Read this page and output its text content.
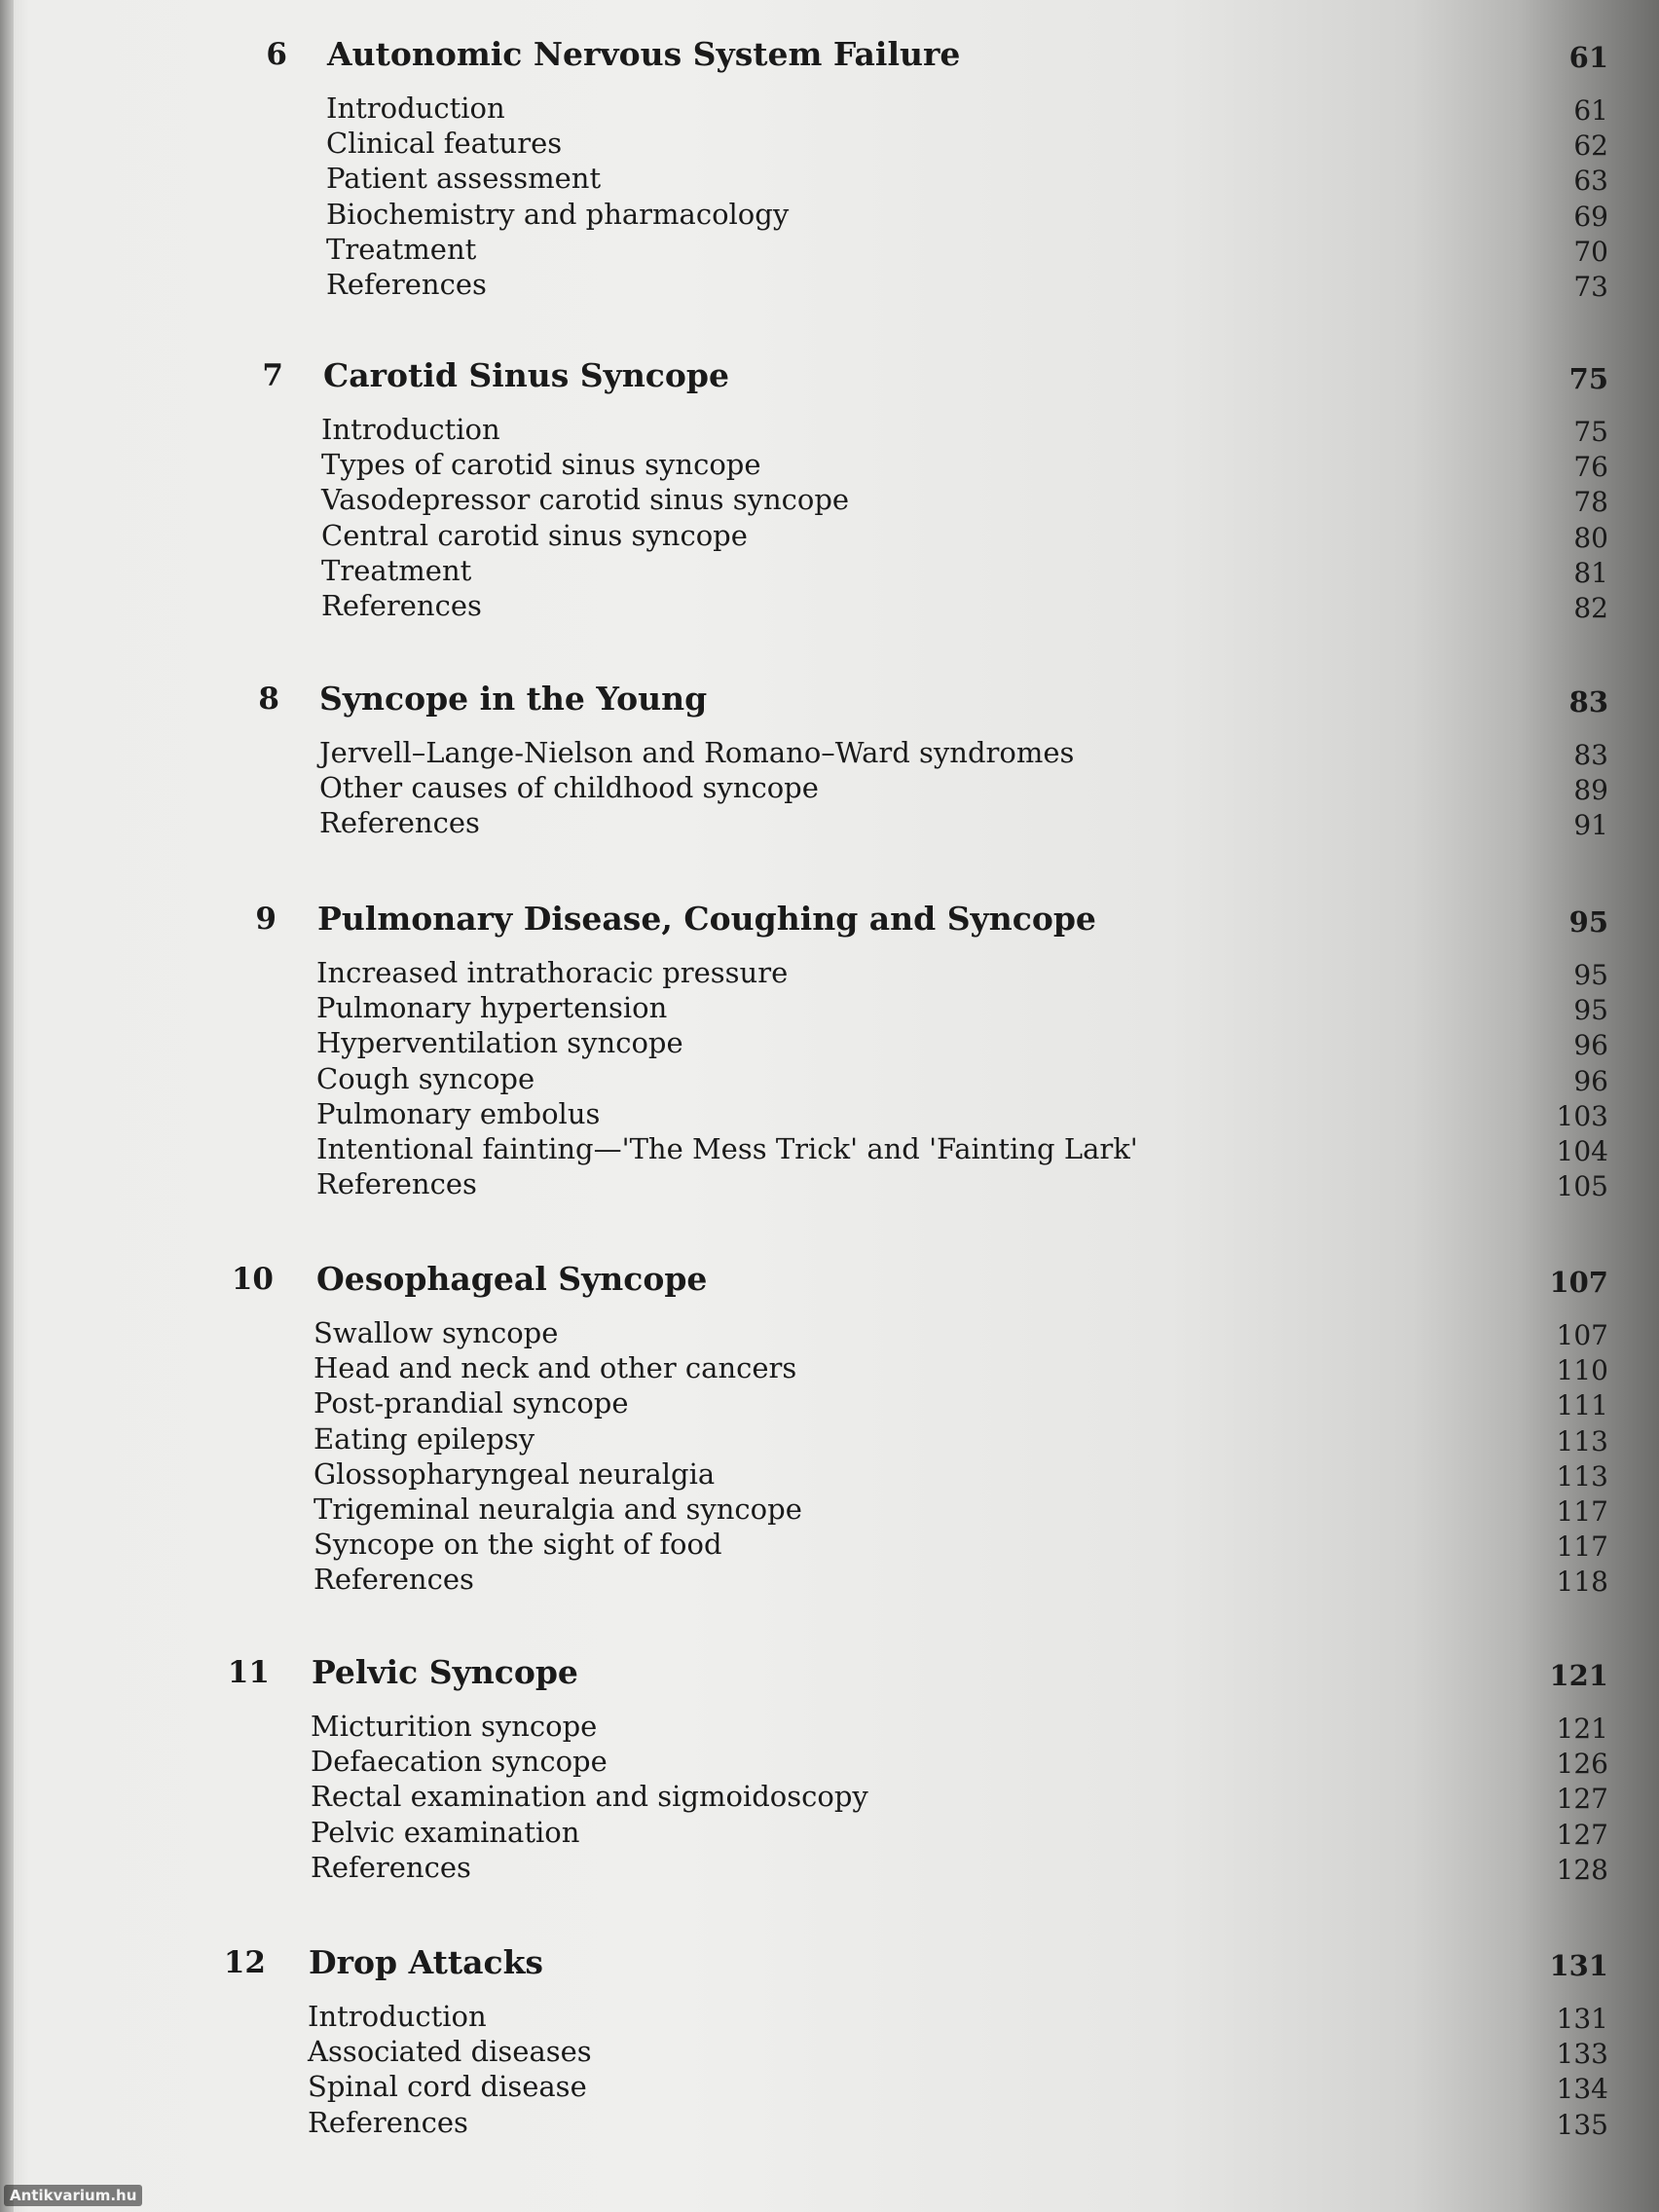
6 Autonomic Nervous System Failure	61
Introduction	61
Clinical features	62
Patient assessment	63
Biochemistry and pharmacology	69
Treatment	70
References	73
7 Carotid Sinus Syncope	75
Introduction	75
Types of carotid sinus syncope	76
Vasodepressor carotid sinus syncope	78
Central carotid sinus syncope	80
Treatment	81
References	82
8 Syncope in the Young	83
Jervell–Lange-Nielson and Romano–Ward syndromes	83
Other causes of childhood syncope	89
References	91
9 Pulmonary Disease, Coughing and Syncope	95
Increased intrathoracic pressure	95
Pulmonary hypertension	95
Hyperventilation syncope	96
Cough syncope	96
Pulmonary embolus	103
Intentional fainting—'The Mess Trick' and 'Fainting Lark'	104
References	105
10 Oesophageal Syncope	107
Swallow syncope	107
Head and neck and other cancers	110
Post-prandial syncope	111
Eating epilepsy	113
Glossopharyngeal neuralgia	113
Trigeminal neuralgia and syncope	117
Syncope on the sight of food	117
References	118
11 Pelvic Syncope	121
Micturition syncope	121
Defaecation syncope	126
Rectal examination and sigmoidoscopy	127
Pelvic examination	127
References	128
12 Drop Attacks	131
Introduction	131
Associated diseases	133
Spinal cord disease	134
References	135
Antikvarium.hu
